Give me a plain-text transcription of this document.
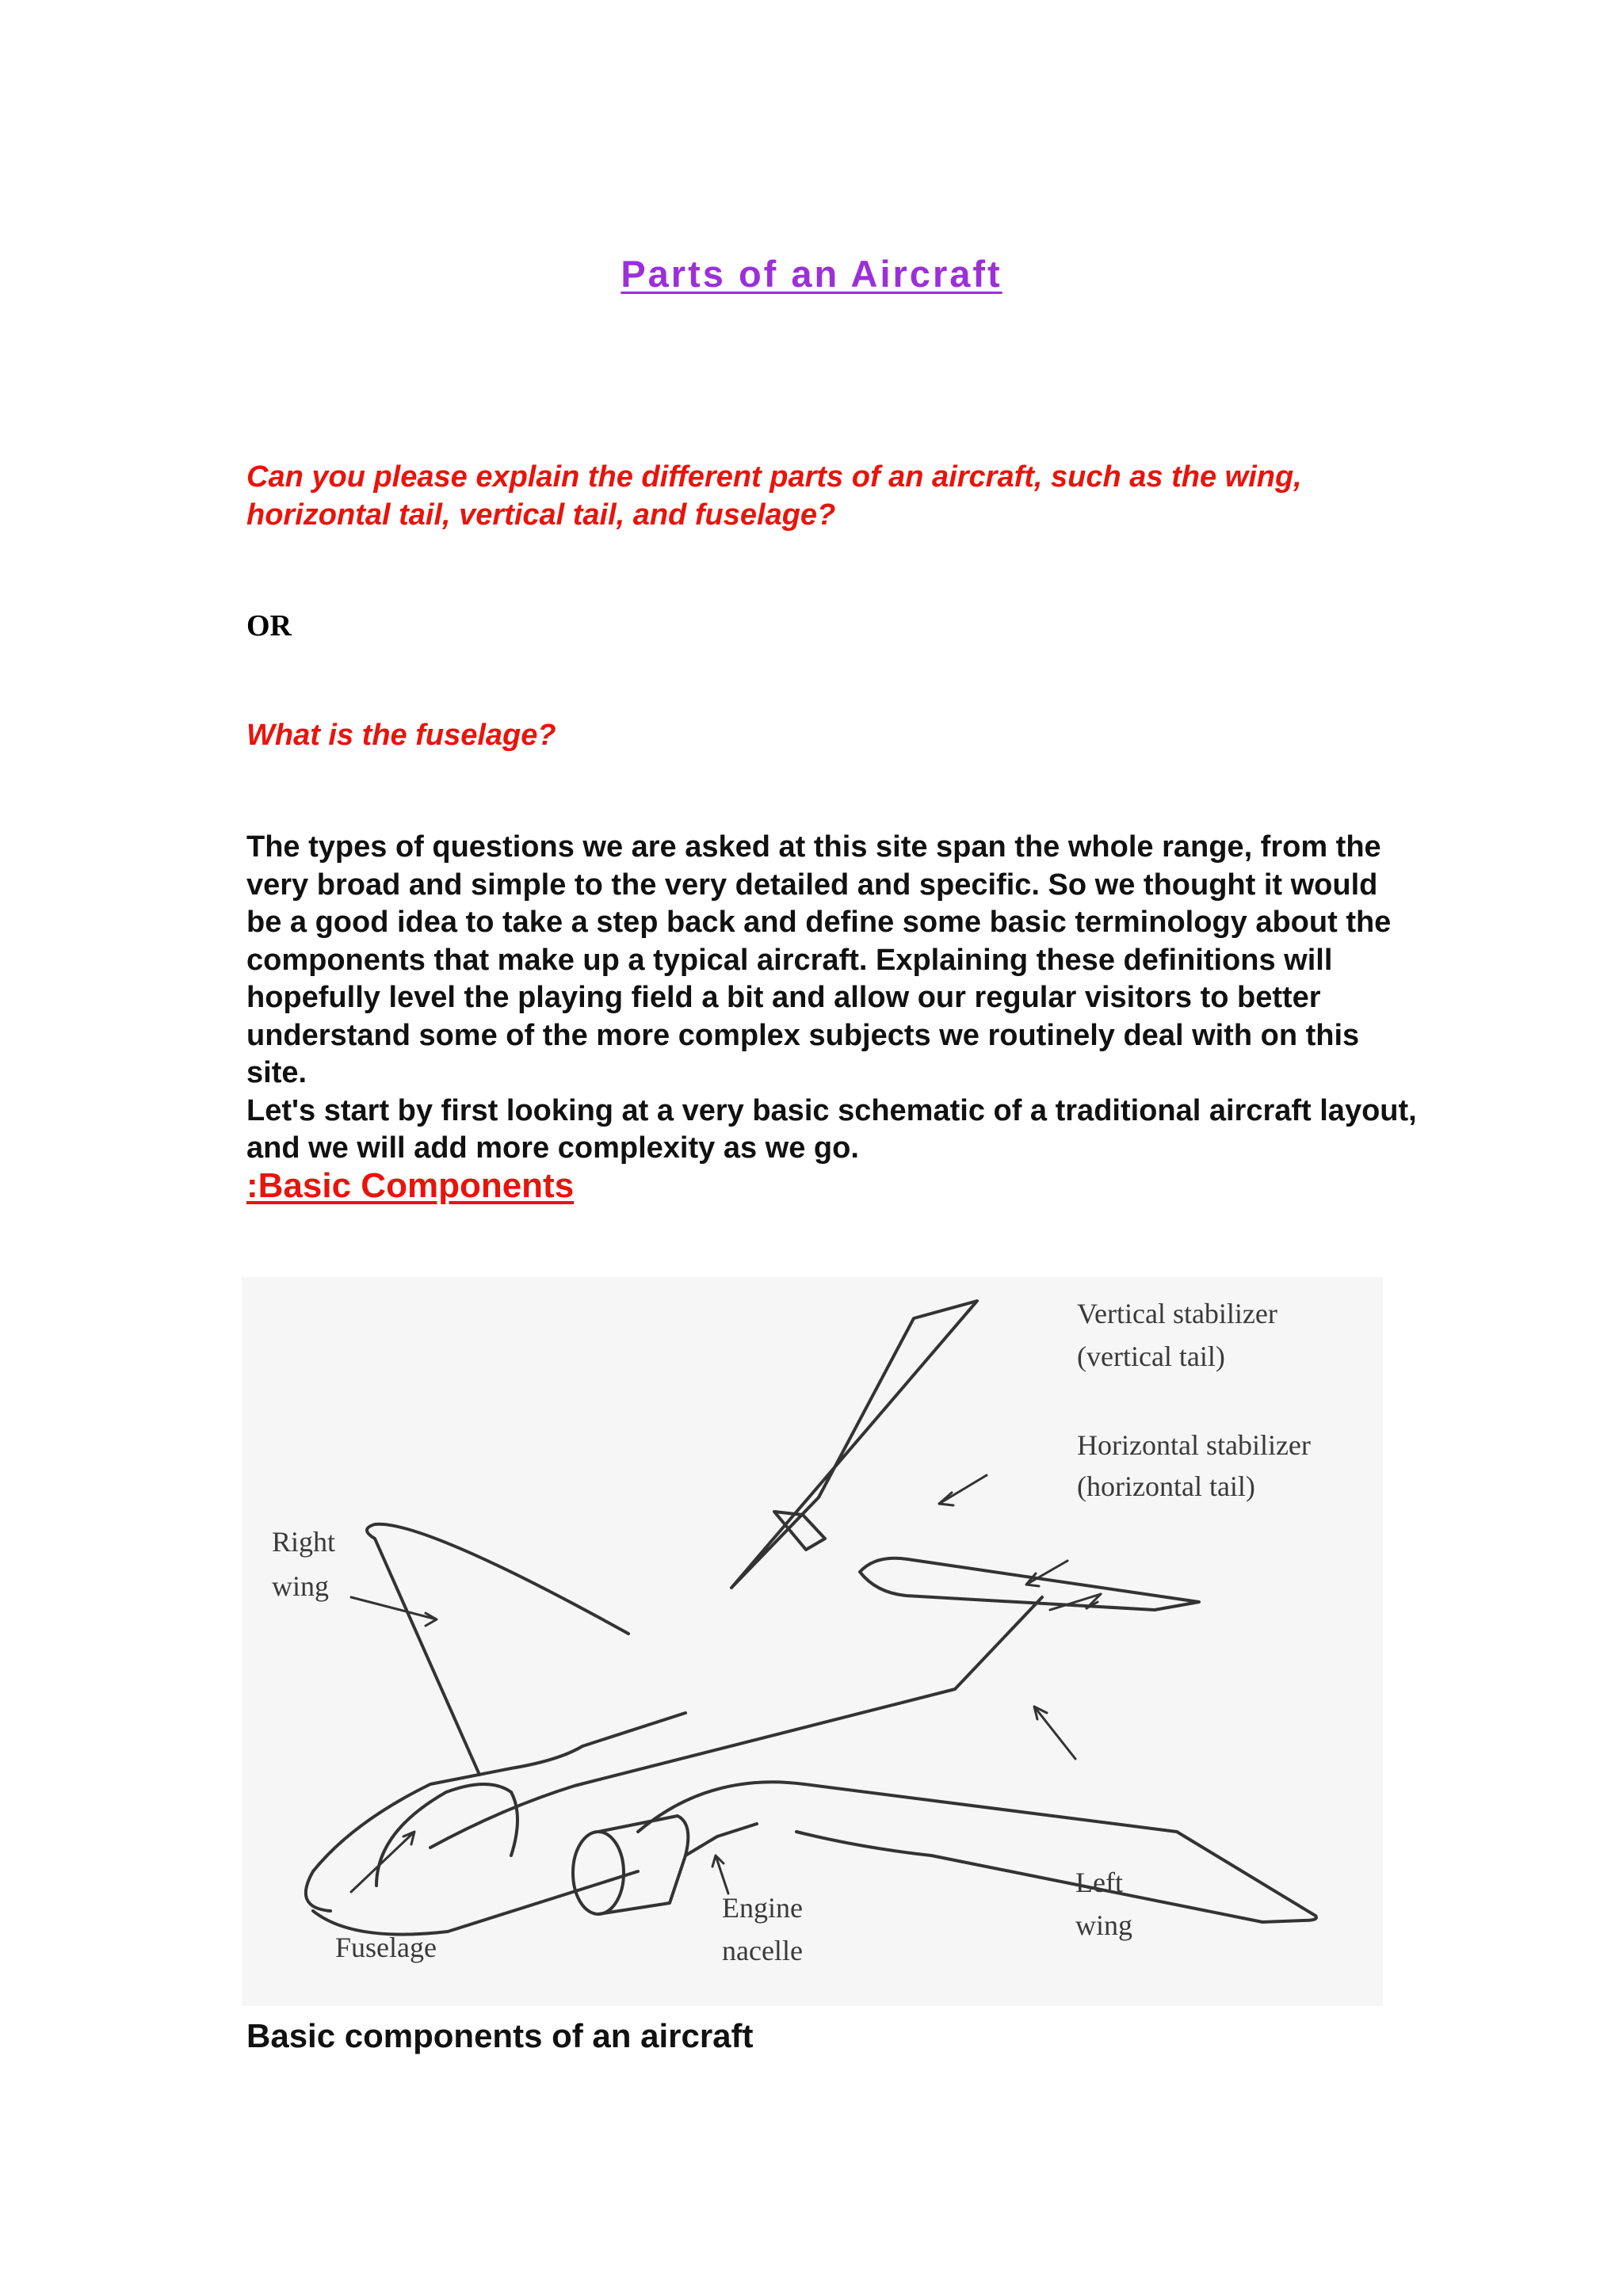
Parts of an Aircraft

Can you please explain the different parts of an aircraft, such as the wing, horizontal tail, vertical tail, and fuselage?

OR

What is the fuselage?

The types of questions we are asked at this site span the whole range, from the very broad and simple to the very detailed and specific. So we thought it would be a good idea to take a step back and define some basic terminology about the components that make up a typical aircraft. Explaining these definitions will hopefully level the playing field a bit and allow our regular visitors to better understand some of the more complex subjects we routinely deal with on this site.

Let's start by first looking at a very basic schematic of a traditional aircraft layout, and we will add more complexity as we go.

:Basic Components
Vertical stabilizer
(vertical tail)
Horizontal stabilizer
(horizontal tail)
Right
wing
Left
wing
Engine
nacelle
Fuselage
Basic components of an aircraft
